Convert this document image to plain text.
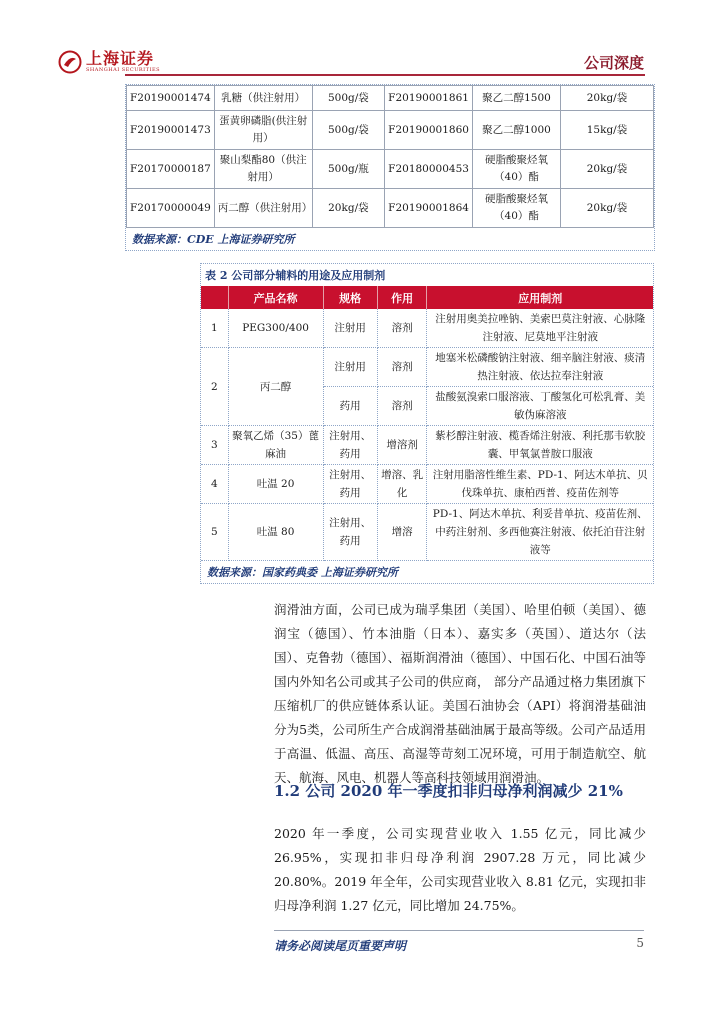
上海证券
SHANGHAI SECURITIES	公司深度
F20190001474	乳糖（供注射用）	500g/袋	F20190001861	聚乙二醇1500	20kg/袋
F20190001473	蛋黄卵磷脂(供注射用）	500g/袋	F20190001860	聚乙二醇1000	15kg/袋
F20170000187	聚山梨酯80（供注射用）	500g/瓶	F20180000453	硬脂酸聚烃氧（40）酯	20kg/袋
F20170000049	丙二醇（供注射用）	20kg/袋	F20190001864	硬脂酸聚烃氧（40）酯	20kg/袋
数据来源：CDE 上海证券研究所
表 2 公司部分辅料的用途及应用制剂
	产品名称	规格	作用	应用制剂
1	PEG300/400	注射用	溶剂	注射用奥美拉唑钠、美索巴莫注射液、心脉隆注射液、尼莫地平注射液
2	丙二醇	注射用	溶剂	地塞米松磷酸钠注射液、细辛脑注射液、痰清热注射液、依达拉奉注射液
		药用	溶剂	盐酸氨溴索口服溶液、丁酸氢化可松乳膏、美敏伪麻溶液
3	聚氧乙烯（35）蓖麻油	注射用、药用	增溶剂	紫杉醇注射液、榄香烯注射液、利托那韦软胶囊、甲氧氯普胺口服液
4	吐温 20	注射用、药用	增溶、乳化	注射用脂溶性维生素、PD-1、阿达木单抗、贝伐珠单抗、康柏西普、疫苗佐剂等
5	吐温 80	注射用、药用	增溶	PD-1、阿达木单抗、利妥昔单抗、疫苗佐剂、中药注射剂、多西他赛注射液、依托泊苷注射液等
数据来源：国家药典委 上海证券研究所
润滑油方面，公司已成为瑞孚集团（美国）、哈里伯顿（美国）、德润宝（德国）、竹本油脂（日本）、嘉实多（英国）、道达尔（法国）、克鲁勃（德国）、福斯润滑油（德国）、中国石化、中国石油等国内外知名公司或其子公司的供应商， 部分产品通过格力集团旗下压缩机厂的供应链体系认证。美国石油协会（API）将润滑基础油分为5类，公司所生产合成润滑基础油属于最高等级。公司产品适用于高温、低温、高压、高湿等苛刻工况环境，可用于制造航空、航天、航海、风电、机器人等高科技领域用润滑油。
1.2 公司 2020 年一季度扣非归母净利润减少 21%
2020 年一季度，公司实现营业收入 1.55 亿元，同比减少 26.95%，实现扣非归母净利润 2907.28 万元，同比减少 20.80%。2019 年全年，公司实现营业收入 8.81 亿元，实现扣非归母净利润 1.27 亿元，同比增加 24.75%。
请务必阅读尾页重要声明	5
